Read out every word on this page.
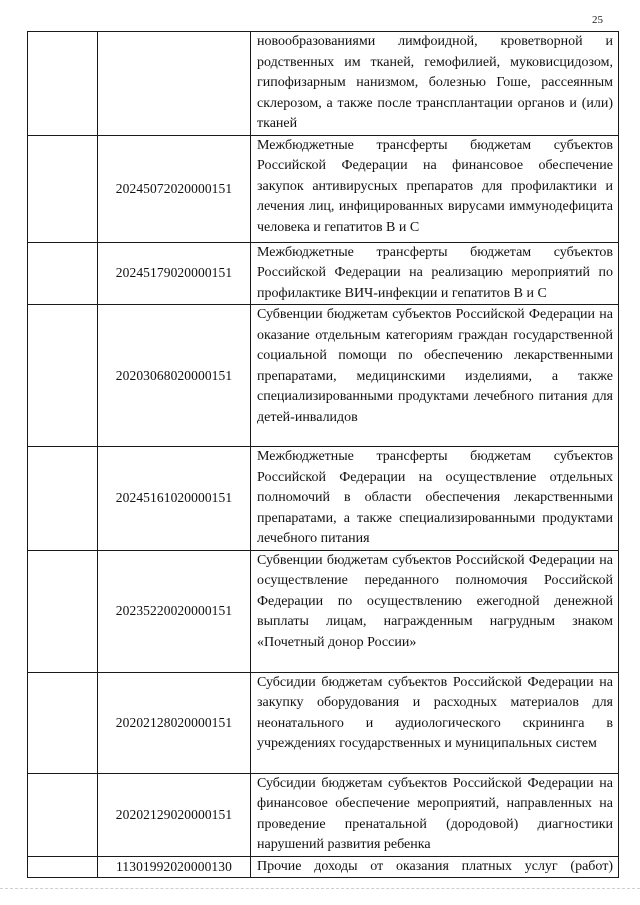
25
		новообразованиями лимфоидной, кроветворной и родственных им тканей, гемофилией, муковисцидозом, гипофизарным нанизмом, болезнью Гоше, рассеянным склерозом, а также после трансплантации органов и (или) тканей
	20245072020000151	Межбюджетные трансферты бюджетам субъектов Российской Федерации на финансовое обеспечение закупок антивирусных препаратов для профилактики и лечения лиц, инфицированных вирусами иммунодефицита человека и гепатитов B и C
	20245179020000151	Межбюджетные трансферты бюджетам субъектов Российской Федерации на реализацию мероприятий по профилактике ВИЧ-инфекции и гепатитов B и C
	20203068020000151	Субвенции бюджетам субъектов Российской Федерации на оказание отдельным категориям граждан государственной социальной помощи по обеспечению лекарственными препаратами, медицинскими изделиями, а также специализированными продуктами лечебного питания для детей-инвалидов
	20245161020000151	Межбюджетные трансферты бюджетам субъектов Российской Федерации на осуществление отдельных полномочий в области обеспечения лекарственными препаратами, а также специализированными продуктами лечебного питания
	20235220020000151	Субвенции бюджетам субъектов Российской Федерации на осуществление переданного полномочия Российской Федерации по осуществлению ежегодной денежной выплаты лицам, награжденным нагрудным знаком «Почетный донор России»
	20202128020000151	Субсидии бюджетам субъектов Российской Федерации на закупку оборудования и расходных материалов для неонатального и аудиологического скрининга в учреждениях государственных и муниципальных систем
	20202129020000151	Субсидии бюджетам субъектов Российской Федерации на финансовое обеспечение мероприятий, направленных на проведение пренатальной (дородовой) диагностики нарушений развития ребенка
	11301992020000130	Прочие доходы от оказания платных услуг (работ)
